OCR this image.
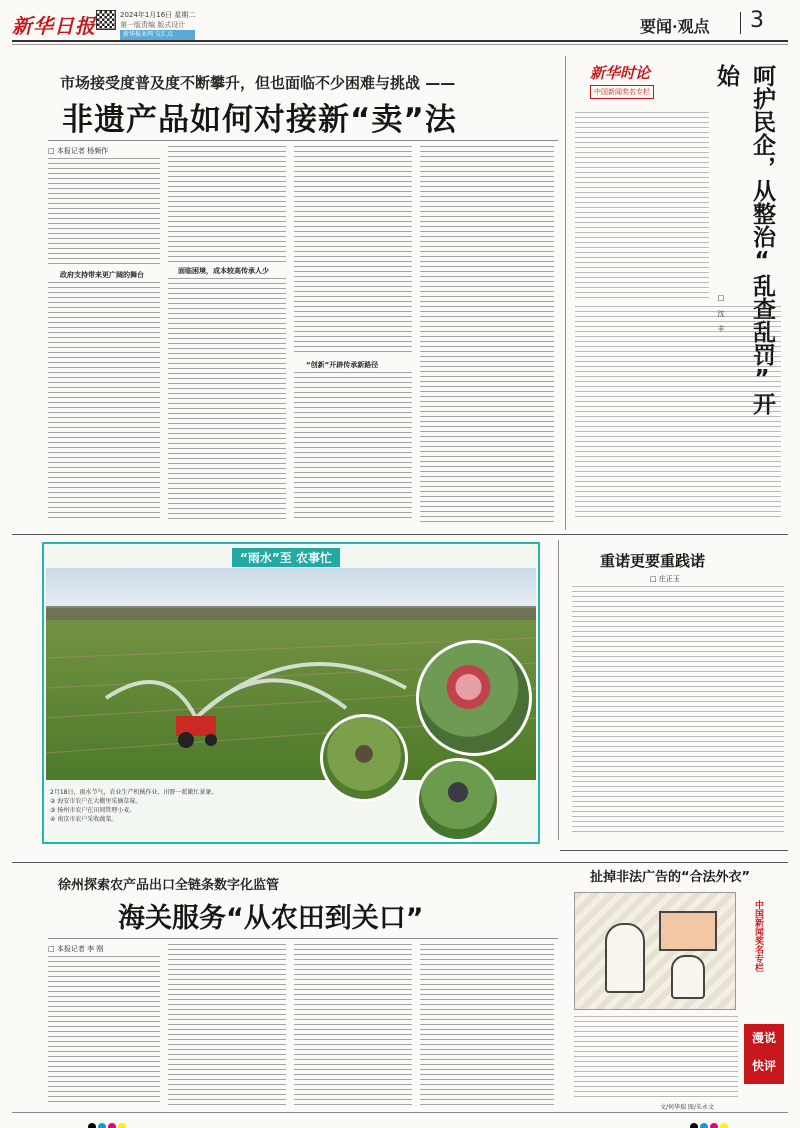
新华日报	2024年1月16日 星期二
第一版责编 版式设计
新华报业网 交汇点	要闻·观点 3
市场接受度普及度不断攀升，但也面临不少困难与挑战 ——
非遗产品如何对接新“卖”法
□ 本报记者 杨频作
政府支持带来更广阔的舞台	面临困境，成本较高传承人少
“创新”开辟传承新路径
新华时论
中国新闻奖名专栏	呵护民企，从整治“乱查乱罚”开始
□ 沈 丰
“雨水”至 农事忙
2月18日，雨水节气，农业生产机械作业，田野一派繁忙景象。
② 海安市农户在大棚里采摘草莓。
③ 扬州市农户在田间管理小麦。
④ 南京市农户采收蔬菜。
重诺更要重践诺
□ 庄正玉
徐州探索农产品出口全链条数字化监管
海关服务“从农田到关口”
□ 本报记者 李 刚
扯掉非法广告的“合法外衣”
中国新闻奖名专栏
漫说
快评
文/何华瑞 图/朱永文
